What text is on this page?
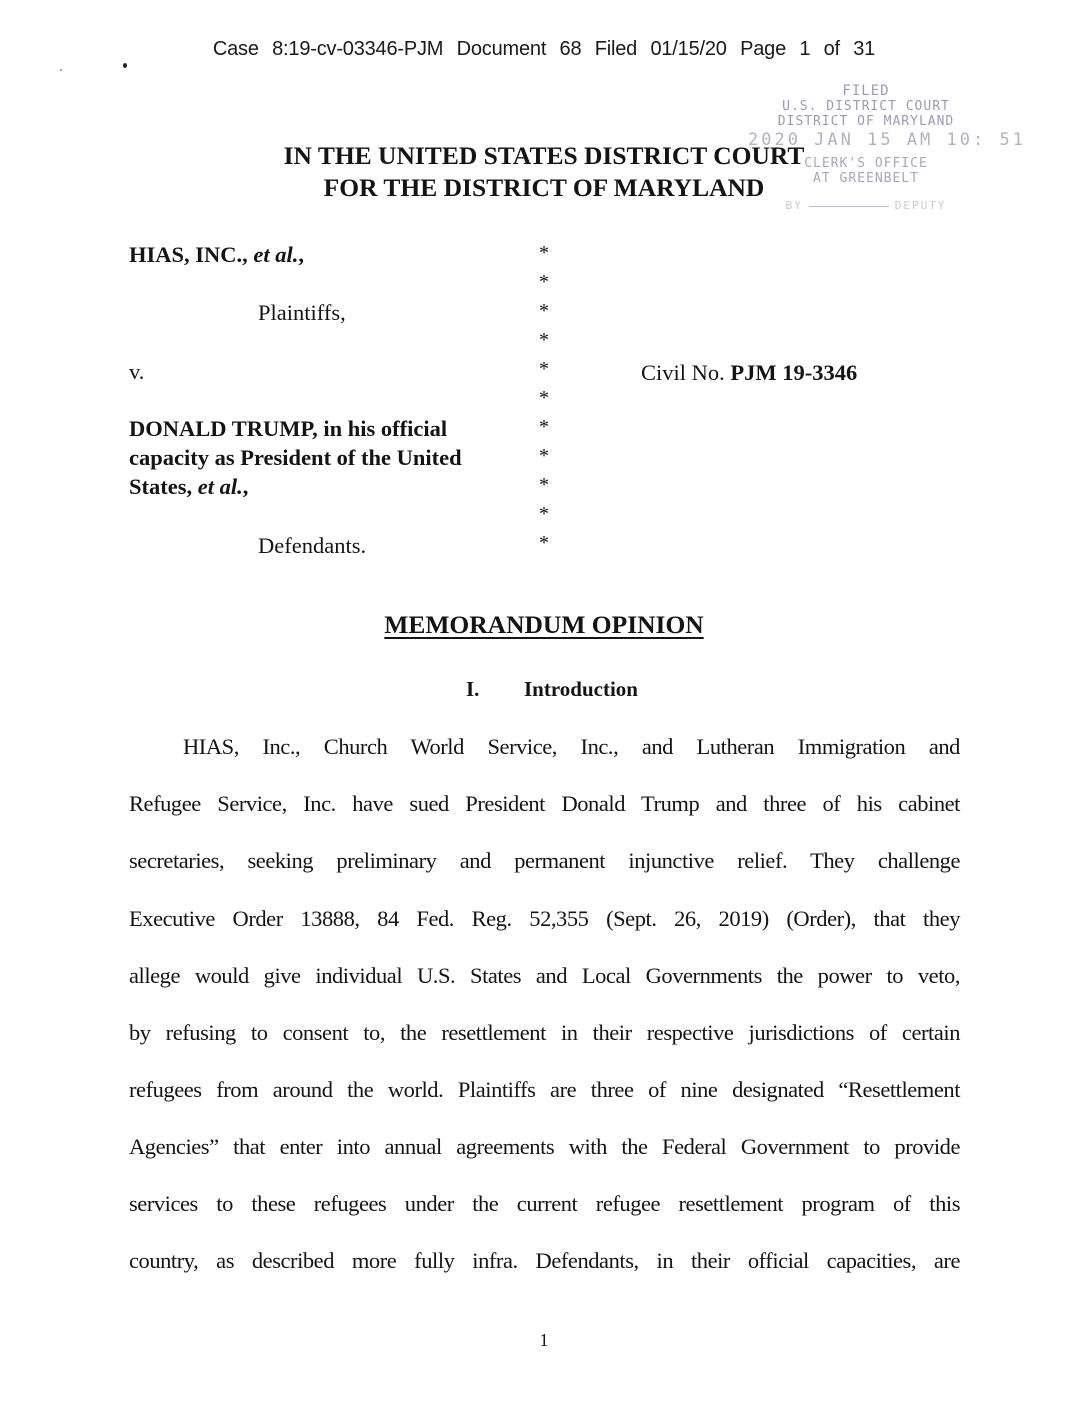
Case 8:19-cv-03346-PJM Document 68 Filed 01/15/20 Page 1 of 31
IN THE UNITED STATES DISTRICT COURT
FOR THE DISTRICT OF MARYLAND
FILED
U.S. DISTRICT COURT
DISTRICT OF MARYLAND
2020 JAN 15 AM 10: 51
CLERK'S OFFICE
AT GREENBELT
BY	DEPUTY
HIAS, INC., et al.,
Plaintiffs,
v.
DONALD TRUMP, in his official
capacity as President of the United
States, et al.,
Defendants.
*
*
*
*
*
*
*
*
*
*
*
Civil No. PJM 19-3346
MEMORANDUM OPINION
I. Introduction
HIAS, Inc., Church World Service, Inc., and Lutheran Immigration and
Refugee Service, Inc. have sued President Donald Trump and three of his cabinet
secretaries, seeking preliminary and permanent injunctive relief. They challenge
Executive Order 13888, 84 Fed. Reg. 52,355 (Sept. 26, 2019) (Order), that they
allege would give individual U.S. States and Local Governments the power to veto,
by refusing to consent to, the resettlement in their respective jurisdictions of certain
refugees from around the world. Plaintiffs are three of nine designated “Resettlement
Agencies” that enter into annual agreements with the Federal Government to provide
services to these refugees under the current refugee resettlement program of this
country, as described more fully infra. Defendants, in their official capacities, are
1
